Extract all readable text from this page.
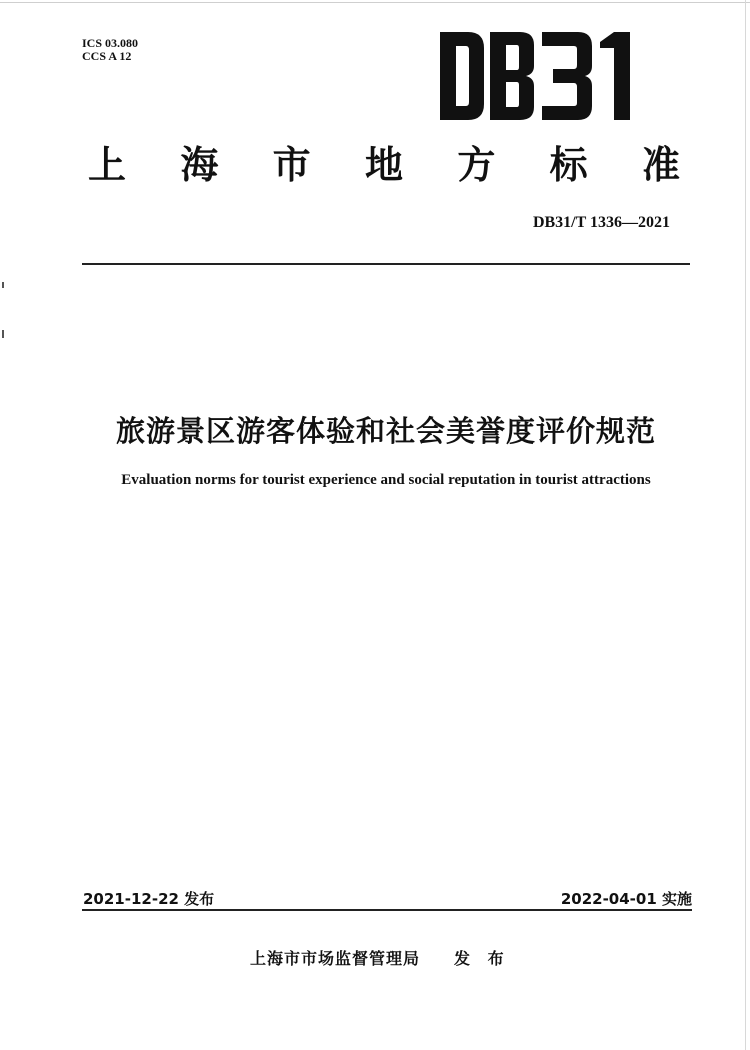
ICS 03.080
CCS A 12
上 海 市 地 方 标 准
DB31/T 1336—2021
旅游景区游客体验和社会美誉度评价规范
Evaluation norms for tourist experience and social reputation in tourist attractions
2021-12-22 发布	2022-04-01 实施
上海市市场监督管理局 发 布
